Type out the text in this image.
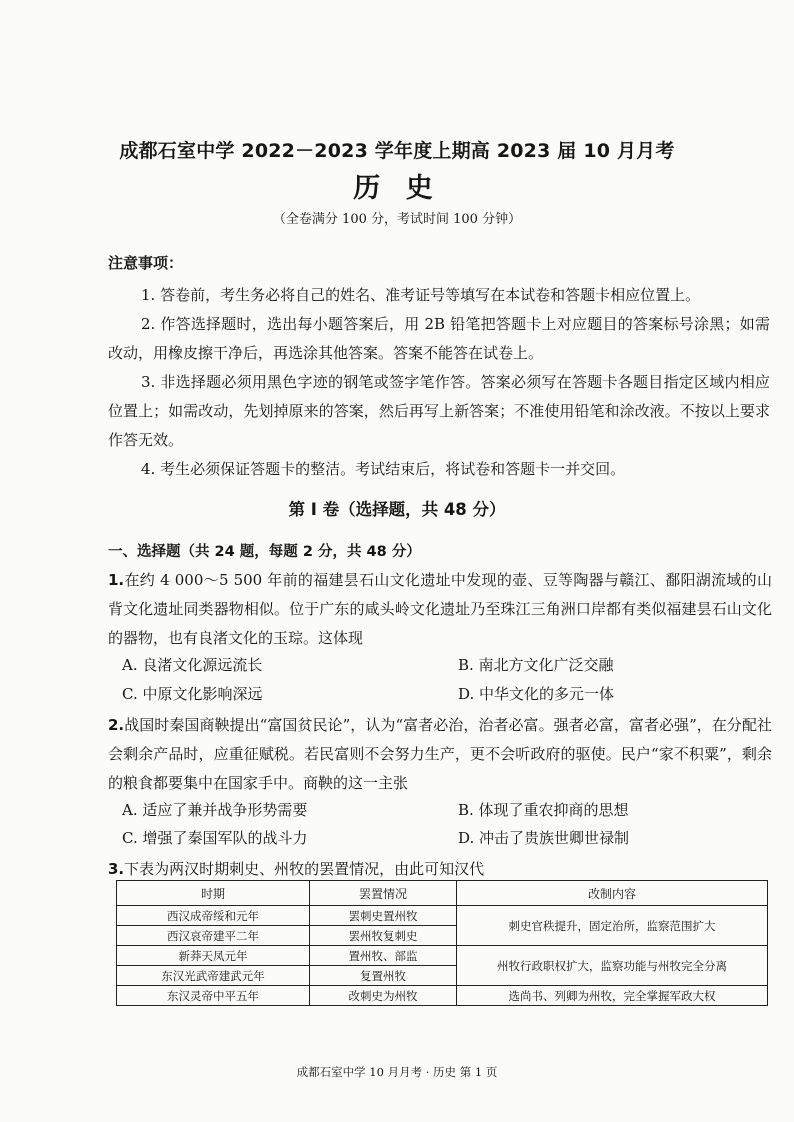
成都石室中学 2022－2023 学年度上期高 2023 届 10 月月考
历 史
（全卷满分 100 分，考试时间 100 分钟）
注意事项：
1. 答卷前，考生务必将自己的姓名、准考证号等填写在本试卷和答题卡相应位置上。
2. 作答选择题时，选出每小题答案后，用 2B 铅笔把答题卡上对应题目的答案标号涂黑；如需改动，用橡皮擦干净后，再选涂其他答案。答案不能答在试卷上。
3. 非选择题必须用黑色字迹的钢笔或签字笔作答。答案必须写在答题卡各题目指定区域内相应位置上；如需改动，先划掉原来的答案，然后再写上新答案；不准使用铅笔和涂改液。不按以上要求作答无效。
4. 考生必须保证答题卡的整洁。考试结束后，将试卷和答题卡一并交回。
第 Ⅰ 卷（选择题，共 48 分）
一、选择题（共 24 题，每题 2 分，共 48 分）
1.在约 4 000～5 500 年前的福建昙石山文化遗址中发现的壶、豆等陶器与赣江、鄱阳湖流域的山背文化遗址同类器物相似。位于广东的咸头岭文化遗址乃至珠江三角洲口岸都有类似福建昙石山文化的器物，也有良渚文化的玉琮。这体现
A. 良渚文化源远流长	B. 南北方文化广泛交融
C. 中原文化影响深远	D. 中华文化的多元一体
2.战国时秦国商鞅提出“富国贫民论”，认为“富者必治，治者必富。强者必富，富者必强”，在分配社会剩余产品时，应重征赋税。若民富则不会努力生产，更不会听政府的驱使。民户“家不积粟”，剩余的粮食都要集中在国家手中。商鞅的这一主张
A. 适应了兼并战争形势需要	B. 体现了重农抑商的思想
C. 增强了秦国军队的战斗力	D. 冲击了贵族世卿世禄制
3.下表为两汉时期刺史、州牧的罢置情况，由此可知汉代
时期	罢置情况	改制内容
西汉成帝绥和元年	罢刺史置州牧	刺史官秩提升，固定治所，监察范围扩大
西汉哀帝建平二年	罢州牧复刺史	
新莽天凤元年	置州牧、部监	州牧行政职权扩大，监察功能与州牧完全分离
东汉光武帝建武元年	复置州牧	
东汉灵帝中平五年	改刺史为州牧	选尚书、列卿为州牧，完全掌握军政大权
成都石室中学 10 月月考 · 历史 第 1 页
